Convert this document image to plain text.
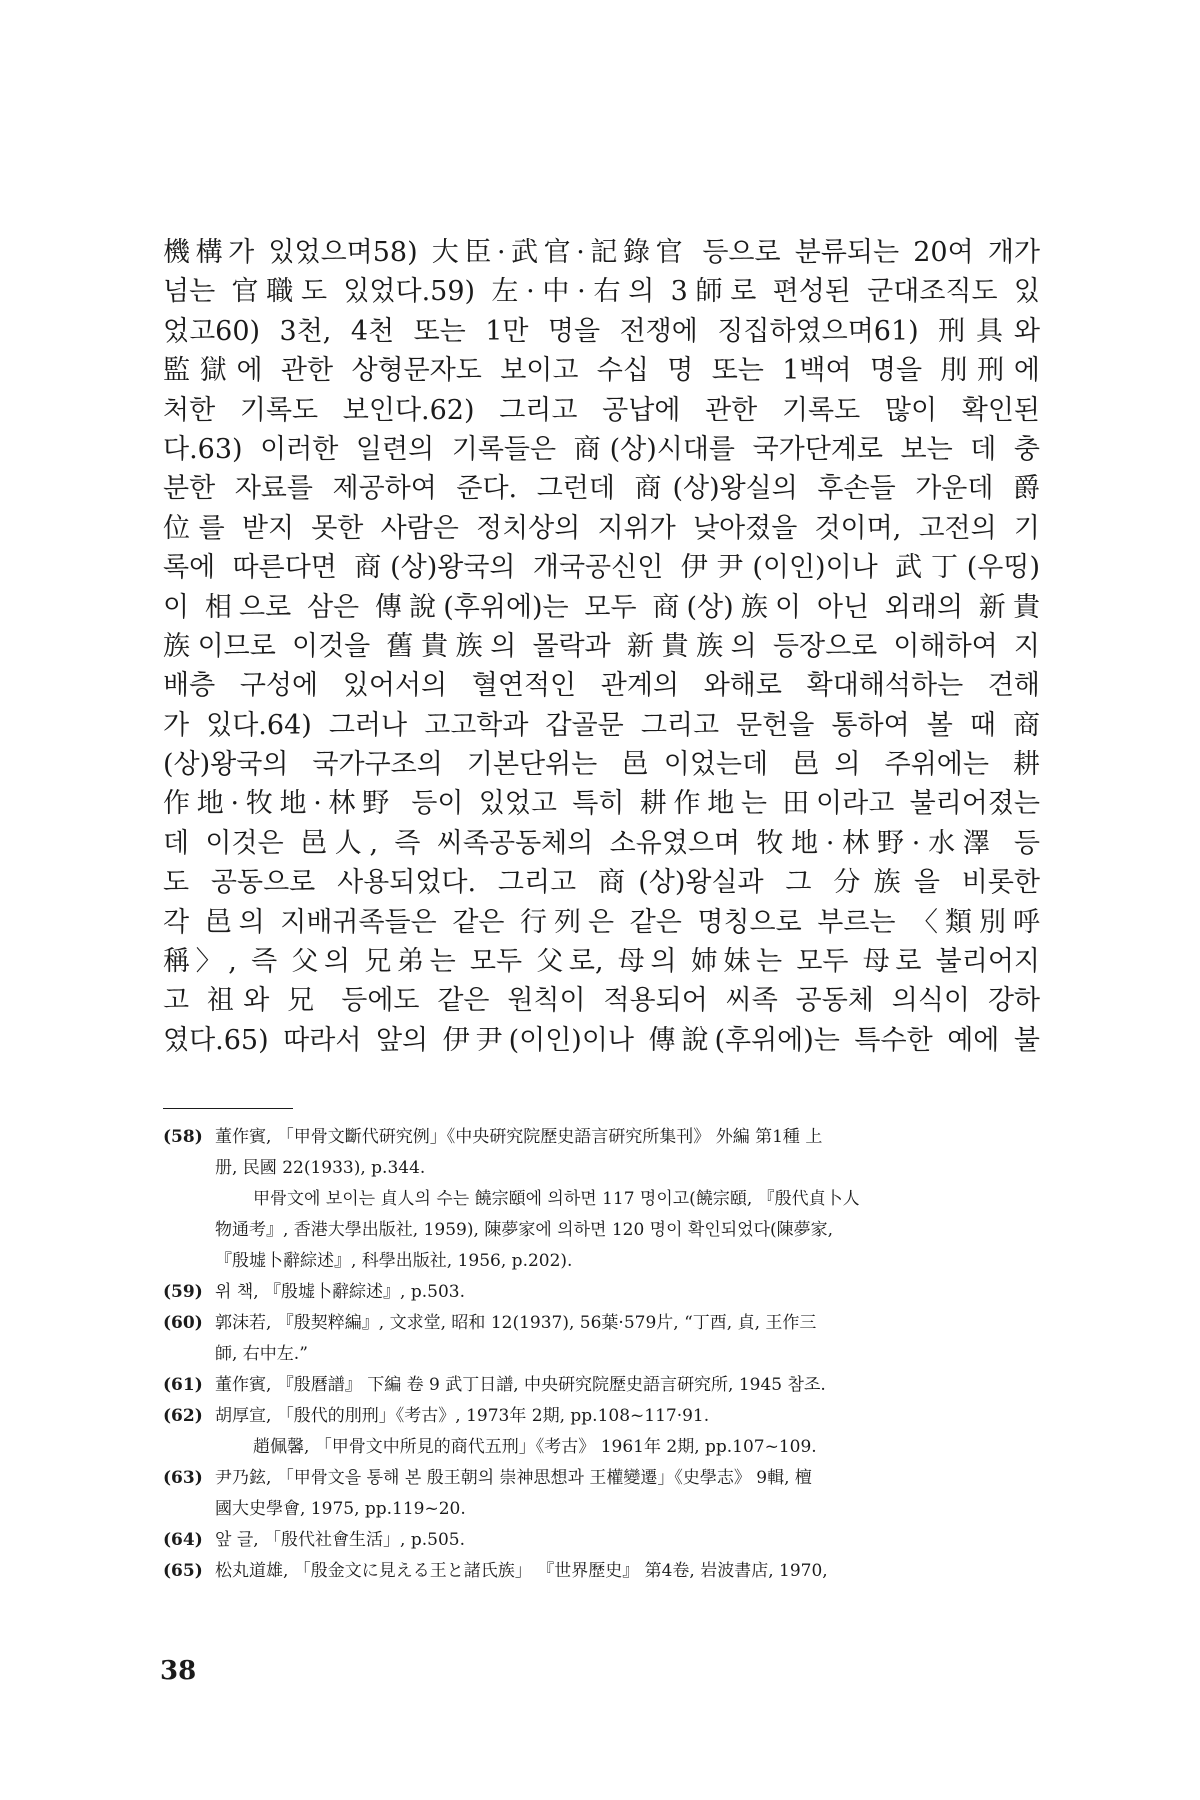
機構가 있었으며58) 大臣·武官·記錄官 등으로 분류되는 20여 개가
넘는 官職도 있었다.59) 左·中·右의 3師로 편성된 군대조직도 있
었고60) 3천, 4천 또는 1만 명을 전쟁에 징집하였으며61) 刑具와
監獄에 관한 상형문자도 보이고 수십 명 또는 1백여 명을 刖刑에
처한 기록도 보인다.62) 그리고 공납에 관한 기록도 많이 확인된
다.63) 이러한 일련의 기록들은 商(상)시대를 국가단계로 보는 데 충
분한 자료를 제공하여 준다. 그런데 商(상)왕실의 후손들 가운데 爵
位를 받지 못한 사람은 정치상의 지위가 낮아졌을 것이며, 고전의 기
록에 따른다면 商(상)왕국의 개국공신인 伊尹(이인)이나 武丁(우띵)
이 相으로 삼은 傳說(후위에)는 모두 商(상)族이 아닌 외래의 新貴
族이므로 이것을 舊貴族의 몰락과 新貴族의 등장으로 이해하여 지
배층 구성에 있어서의 혈연적인 관계의 와해로 확대해석하는 견해
가 있다.64) 그러나 고고학과 갑골문 그리고 문헌을 통하여 볼 때 商
(상)왕국의 국가구조의 기본단위는 邑이었는데 邑의 주위에는 耕
作地·牧地·林野 등이 있었고 특히 耕作地는 田이라고 불리어졌는
데 이것은 邑人, 즉 씨족공동체의 소유였으며 牧地·林野·水澤 등
도 공동으로 사용되었다. 그리고 商(상)왕실과 그 分族을 비롯한
각 邑의 지배귀족들은 같은 行列은 같은 명칭으로 부르는 〈類別呼
稱〉, 즉 父의 兄弟는 모두 父로, 母의 姉妹는 모두 母로 불리어지
고 祖와 兄 등에도 같은 원칙이 적용되어 씨족 공동체 의식이 강하
였다.65) 따라서 앞의 伊尹(이인)이나 傳說(후위에)는 특수한 예에 불
(58) 董作賓, 「甲骨文斷代硏究例」《中央硏究院歷史語言硏究所集刊》 外編 第1種 上
册, 民國 22(1933), p.344.
甲骨文에 보이는 貞人의 수는 饒宗頤에 의하면 117 명이고(饒宗頤, 『殷代貞卜人
物通考』, 香港大學出版社, 1959), 陳夢家에 의하면 120 명이 확인되었다(陳夢家,
『殷墟卜辭綜述』, 科學出版社, 1956, p.202).
(59) 위 책, 『殷墟卜辭綜述』, p.503.
(60) 郭沫若, 『殷契粹編』, 文求堂, 昭和 12(1937), 56葉·579片, “丁酉, 貞, 王作三
師, 右中左.”
(61) 董作賓, 『殷曆譜』 下編 卷 9 武丁日譜, 中央硏究院歷史語言硏究所, 1945 참조.
(62) 胡厚宣, 「殷代的刖刑」《考古》, 1973年 2期, pp.108~117·91.
趙佩馨, 「甲骨文中所見的商代五刑」《考古》 1961年 2期, pp.107~109.
(63) 尹乃鉉, 「甲骨文을 통해 본 殷王朝의 崇神思想과 王權變遷」《史學志》 9輯, 檀
國大史學會, 1975, pp.119~20.
(64) 앞 글, 「殷代社會生活」, p.505.
(65) 松丸道雄, 「殷金文に見える王と諸氏族」 『世界歷史』 第4卷, 岩波書店, 1970,
38
